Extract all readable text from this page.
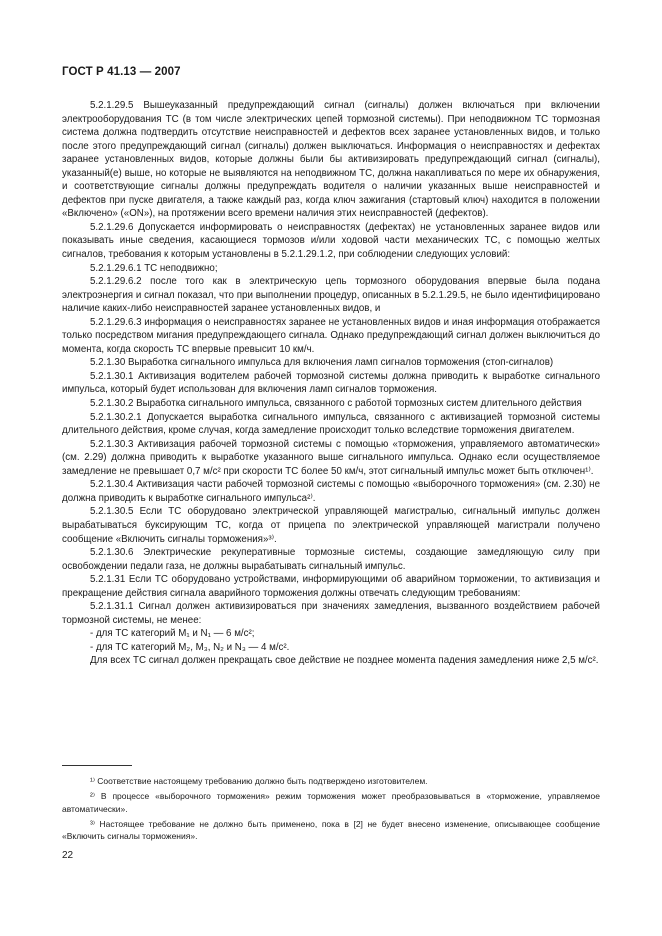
ГОСТ Р 41.13 — 2007

5.2.1.29.5 Вышеуказанный предупреждающий сигнал (сигналы) должен включаться при включении электрооборудования ТС (в том числе электрических цепей тормозной системы). При неподвижном ТС тормозная система должна подтвердить отсутствие неисправностей и дефектов всех заранее установленных видов, и только после этого предупреждающий сигнал (сигналы) должен выключаться. Информация о неисправностях и дефектах заранее установленных видов, которые должны были бы активизировать предупреждающий сигнал (сигналы), указанный(е) выше, но которые не выявляются на неподвижном ТС, должна накапливаться по мере их обнаружения, и соответствующие сигналы должны предупреждать водителя о наличии указанных выше неисправностей и дефектов при пуске двигателя, а также каждый раз, когда ключ зажигания (стартовый ключ) находится в положении «Включено» («ON»), на протяжении всего времени наличия этих неисправностей (дефектов).

5.2.1.29.6 Допускается информировать о неисправностях (дефектах) не установленных заранее видов или показывать иные сведения, касающиеся тормозов и/или ходовой части механических ТС, с помощью желтых сигналов, требования к которым установлены в 5.2.1.29.1.2, при соблюдении следующих условий:

5.2.1.29.6.1 ТС неподвижно;

5.2.1.29.6.2 после того как в электрическую цепь тормозного оборудования впервые была подана электроэнергия и сигнал показал, что при выполнении процедур, описанных в 5.2.1.29.5, не было идентифицировано наличие каких-либо неисправностей заранее установленных видов, и

5.2.1.29.6.3 информация о неисправностях заранее не установленных видов и иная информация отображается только посредством мигания предупреждающего сигнала. Однако предупреждающий сигнал должен выключиться до момента, когда скорость ТС впервые превысит 10 км/ч.

5.2.1.30 Выработка сигнального импульса для включения ламп сигналов торможения (стоп-сигналов)

5.2.1.30.1 Активизация водителем рабочей тормозной системы должна приводить к выработке сигнального импульса, который будет использован для включения ламп сигналов торможения.

5.2.1.30.2 Выработка сигнального импульса, связанного с работой тормозных систем длительного действия

5.2.1.30.2.1 Допускается выработка сигнального импульса, связанного с активизацией тормозной системы длительного действия, кроме случая, когда замедление происходит только вследствие торможения двигателем.

5.2.1.30.3 Активизация рабочей тормозной системы с помощью «торможения, управляемого автоматически» (см. 2.29) должна приводить к выработке указанного выше сигнального импульса. Однако если осуществляемое замедление не превышает 0,7 м/с² при скорости ТС более 50 км/ч, этот сигнальный импульс может быть отключен¹⁾.

5.2.1.30.4 Активизация части рабочей тормозной системы с помощью «выборочного торможения» (см. 2.30) не должна приводить к выработке сигнального импульса²⁾.

5.2.1.30.5 Если ТС оборудовано электрической управляющей магистралью, сигнальный импульс должен вырабатываться буксирующим ТС, когда от прицепа по электрической управляющей магистрали получено сообщение «Включить сигналы торможения»³⁾.

5.2.1.30.6 Электрические рекуперативные тормозные системы, создающие замедляющую силу при освобождении педали газа, не должны вырабатывать сигнальный импульс.

5.2.1.31 Если ТС оборудовано устройствами, информирующими об аварийном торможении, то активизация и прекращение действия сигнала аварийного торможения должны отвечать следующим требованиям:

5.2.1.31.1 Сигнал должен активизироваться при значениях замедления, вызванного воздействием рабочей тормозной системы, не менее:

- для ТС категорий M₁ и N₁ — 6 м/с²;

- для ТС категорий M₂, M₃, N₂ и N₃ — 4 м/с².

Для всех ТС сигнал должен прекращать свое действие не позднее момента падения замедления ниже 2,5 м/с².

¹⁾ Соответствие настоящему требованию должно быть подтверждено изготовителем.

²⁾ В процессе «выборочного торможения» режим торможения может преобразовываться в «торможение, управляемое автоматически».

³⁾ Настоящее требование не должно быть применено, пока в [2] не будет внесено изменение, описывающее сообщение «Включить сигналы торможения».

22
